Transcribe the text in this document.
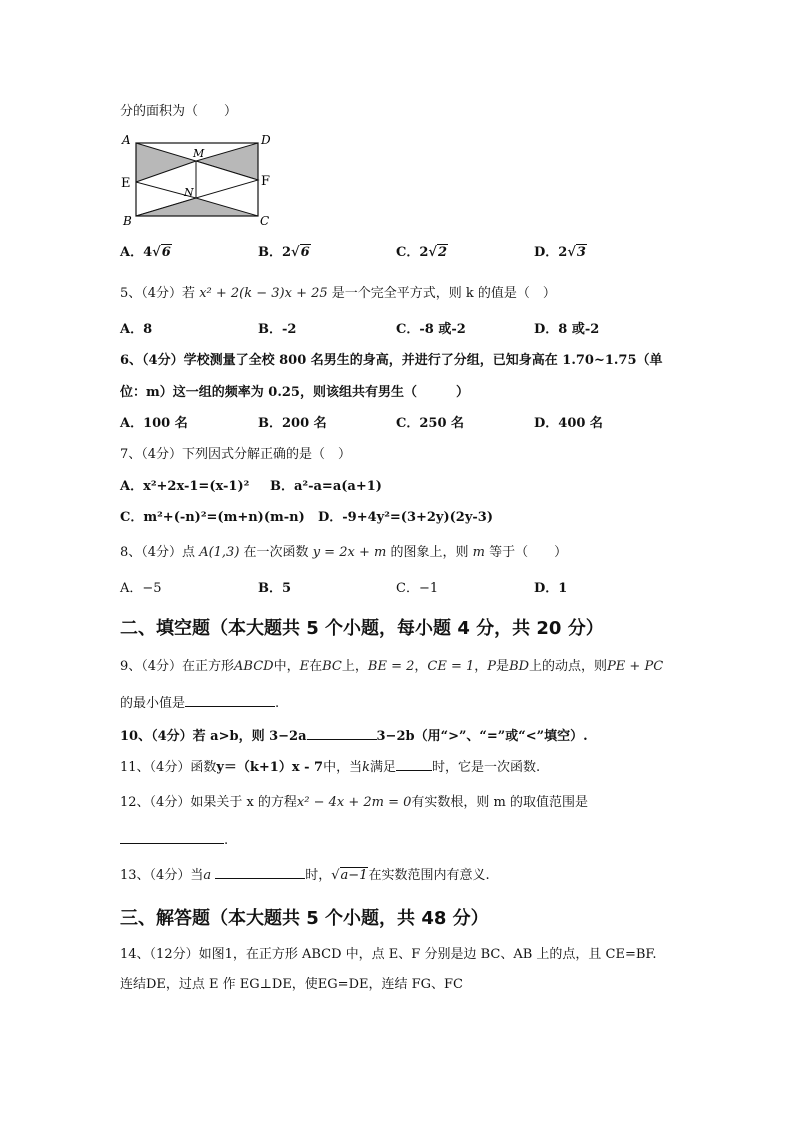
分的面积为（　　）
A	D
M
E	F
N
B	C
A．4√6	B．2√6	C．2√2	D．2√3
5、（4分）若 x² + 2(k − 3)x + 25 是一个完全平方式，则 k 的值是（　）
A．8	B．-2	C．-8 或-2	D．8 或-2
6、（4分）学校测量了全校 800 名男生的身高，并进行了分组，已知身高在 1.70~1.75（单
位：m）这一组的频率为 0.25，则该组共有男生（　　　）
A．100 名	B．200 名	C．250 名	D．400 名
7、（4分）下列因式分解正确的是（　）
A．x²+2x-1=(x-1)² B．a²-a=a(a+1)
C．m²+(-n)²=(m+n)(m-n) D．-9+4y²=(3+2y)(2y-3)
8、（4分）点 A(1,3) 在一次函数 y = 2x + m 的图象上，则 m 等于（　　）
A．−5	B．5	C．−1	D．1
二、填空题（本大题共 5 个小题，每小题 4 分，共 20 分）
9、（4分）在正方形ABCD中，E在BC上，BE = 2，CE = 1，P是BD上的动点，则PE + PC
的最小值是	.
10、（4分）若 a>b，则 3−2a	3−2b（用“>”、“=”或“<”填空）.
11、（4分）函数y＝（k+1）x - 7中，当k满足	时，它是一次函数.
12、（4分）如果关于 x 的方程x² − 4x + 2m = 0有实数根，则 m 的取值范围是
.
13、（4分）当a	时，√a−1在实数范围内有意义.
三、解答题（本大题共 5 个小题，共 48 分）
14、（12分）如图1，在正方形 ABCD 中，点 E、F 分别是边 BC、AB 上的点，且 CE=BF.
连结DE，过点 E 作 EG⊥DE，使EG=DE，连结 FG、FC
